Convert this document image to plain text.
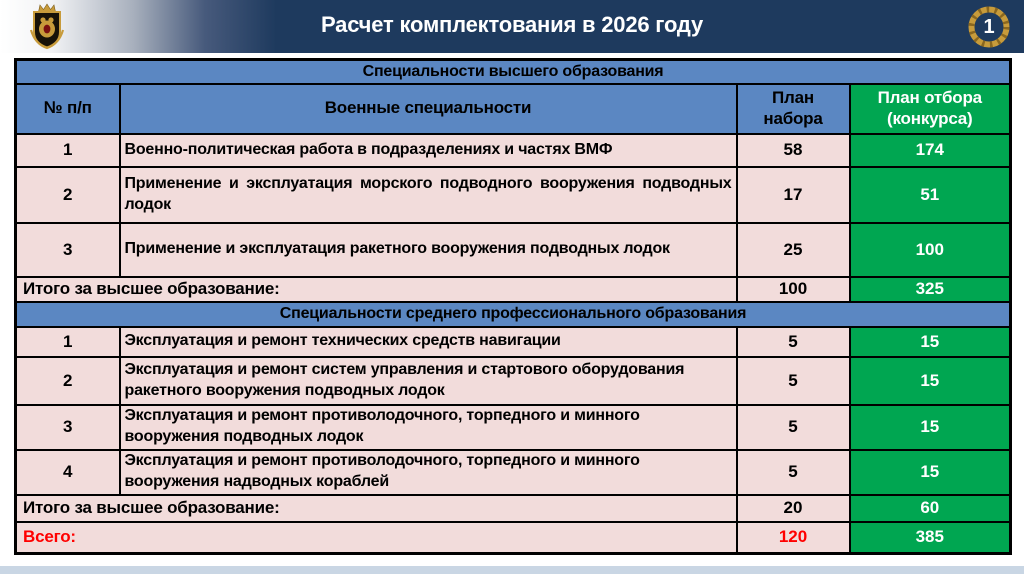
Расчет комплектования в 2026 году	1
Специальности высшего образования			
№ п/п	Военные специальности	План набора	План отбора (конкурса)
1	Военно-политическая работа в подразделениях и частях ВМФ	58	174
2	Применение и эксплуатация морского подводного вооружения подводных лодок	17	51
3	Применение и эксплуатация ракетного вооружения подводных лодок	25	100
Итого за высшее образование:		100	325
Специальности среднего профессионального образования			
1	Эксплуатация и ремонт технических средств навигации	5	15
2	Эксплуатация и ремонт систем управления и стартового оборудования ракетного вооружения подводных лодок	5	15
3	Эксплуатация и ремонт противолодочного, торпедного и минного вооружения подводных лодок	5	15
4	Эксплуатация и ремонт противолодочного, торпедного и минного вооружения надводных кораблей	5	15
Итого за высшее образование:		20	60
Всего:		120	385
